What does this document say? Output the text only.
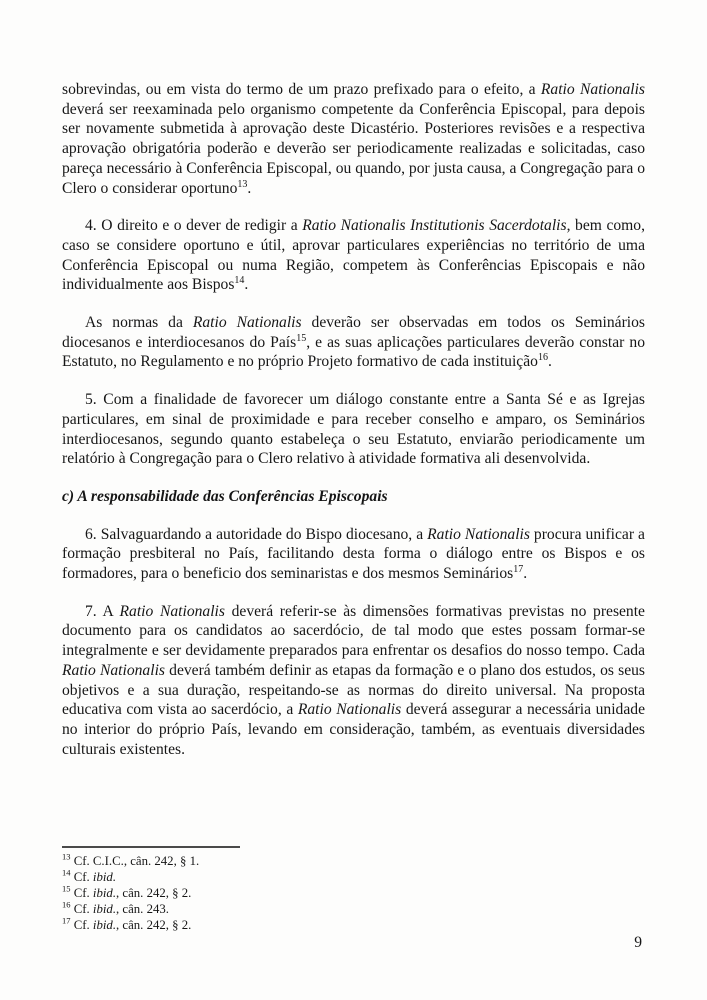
sobrevindas, ou em vista do termo de um prazo prefixado para o efeito, a Ratio Nationalis deverá ser reexaminada pelo organismo competente da Conferência Episcopal, para depois ser novamente submetida à aprovação deste Dicastério. Posteriores revisões e a respectiva aprovação obrigatória poderão e deverão ser periodicamente realizadas e solicitadas, caso pareça necessário à Conferência Episcopal, ou quando, por justa causa, a Congregação para o Clero o considerar oportuno$^{13}$.

4. O direito e o dever de redigir a Ratio Nationalis Institutionis Sacerdotalis, bem como, caso se considere oportuno e útil, aprovar particulares experiências no território de uma Conferência Episcopal ou numa Região, competem às Conferências Episcopais e não individualmente aos Bispos$^{14}$.

As normas da Ratio Nationalis deverão ser observadas em todos os Seminários diocesanos e interdiocesanos do País$^{15}$, e as suas aplicações particulares deverão constar no Estatuto, no Regulamento e no próprio Projeto formativo de cada instituição$^{16}$.

5. Com a finalidade de favorecer um diálogo constante entre a Santa Sé e as Igrejas particulares, em sinal de proximidade e para receber conselho e amparo, os Seminários interdiocesanos, segundo quanto estabeleça o seu Estatuto, enviarão periodicamente um relatório à Congregação para o Clero relativo à atividade formativa ali desenvolvida.

c) A responsabilidade das Conferências Episcopais

6. Salvaguardando a autoridade do Bispo diocesano, a Ratio Nationalis procura unificar a formação presbiteral no País, facilitando desta forma o diálogo entre os Bispos e os formadores, para o beneficio dos seminaristas e dos mesmos Seminários$^{17}$.

7. A Ratio Nationalis deverá referir-se às dimensões formativas previstas no presente documento para os candidatos ao sacerdócio, de tal modo que estes possam formar-se integralmente e ser devidamente preparados para enfrentar os desafios do nosso tempo. Cada Ratio Nationalis deverá também definir as etapas da formação e o plano dos estudos, os seus objetivos e a sua duração, respeitando-se as normas do direito universal. Na proposta educativa com vista ao sacerdócio, a Ratio Nationalis deverá assegurar a necessária unidade no interior do próprio País, levando em consideração, também, as eventuais diversidades culturais existentes.

$^{13}$ Cf. C.I.C., cân. 242, § 1.
$^{14}$ Cf. ibid.
$^{15}$ Cf. ibid., cân. 242, § 2.
$^{16}$ Cf. ibid., cân. 243.
$^{17}$ Cf. ibid., cân. 242, § 2.
9
